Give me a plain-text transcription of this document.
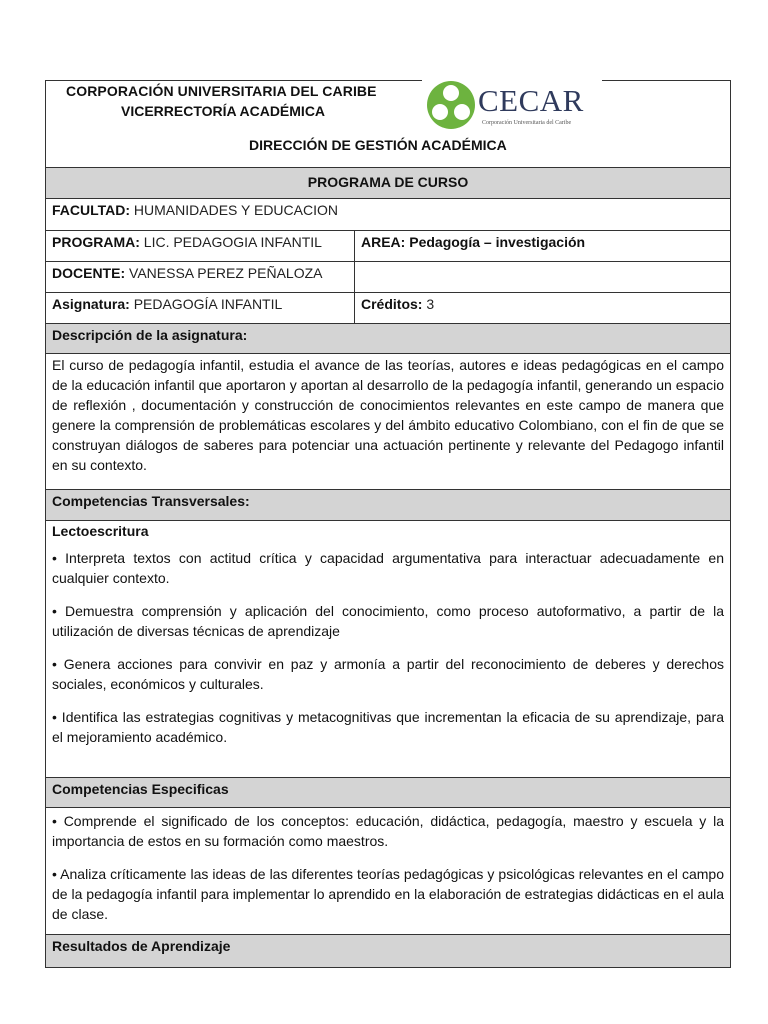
CORPORACIÓN UNIVERSITARIA DEL CARIBE
VICERRECTORÍA ACADÉMICA
DIRECCIÓN DE GESTIÓN ACADÉMICA
CECAR
Corporación Universitaria del Caribe
PROGRAMA DE CURSO
FACULTAD: HUMANIDADES Y EDUCACION
PROGRAMA: LIC. PEDAGOGIA INFANTIL	AREA: Pedagogía – investigación
DOCENTE: VANESSA PEREZ PEÑALOZA
Asignatura: PEDAGOGÍA INFANTIL	Créditos: 3
Descripción de la asignatura:
El curso de pedagogía infantil, estudia el avance de las teorías, autores e ideas pedagógicas en el campo de la educación infantil que aportaron y aportan al desarrollo de la pedagogía infantil, generando un espacio de reflexión , documentación y construcción de conocimientos relevantes en este campo de manera que genere la comprensión de problemáticas escolares y del ámbito educativo Colombiano, con el fin de que se construyan diálogos de saberes para potenciar una actuación pertinente y relevante del Pedagogo infantil en su contexto.
Competencias Transversales:
Lectoescritura
• Interpreta textos con actitud crítica y capacidad argumentativa para interactuar adecuadamente en cualquier contexto.
• Demuestra comprensión y aplicación del conocimiento, como proceso autoformativo, a partir de la utilización de diversas técnicas de aprendizaje
• Genera acciones para convivir en paz y armonía a partir del reconocimiento de deberes y derechos sociales, económicos y culturales.
• Identifica las estrategias cognitivas y metacognitivas que incrementan la eficacia de su aprendizaje, para el mejoramiento académico.
Competencias Especificas
• Comprende el significado de los conceptos: educación, didáctica, pedagogía, maestro y escuela y la importancia de estos en su formación como maestros.
• Analiza críticamente las ideas de las diferentes teorías pedagógicas y psicológicas relevantes en el campo de la pedagogía infantil para implementar lo aprendido en la elaboración de estrategias didácticas en el aula de clase.
Resultados de Aprendizaje
